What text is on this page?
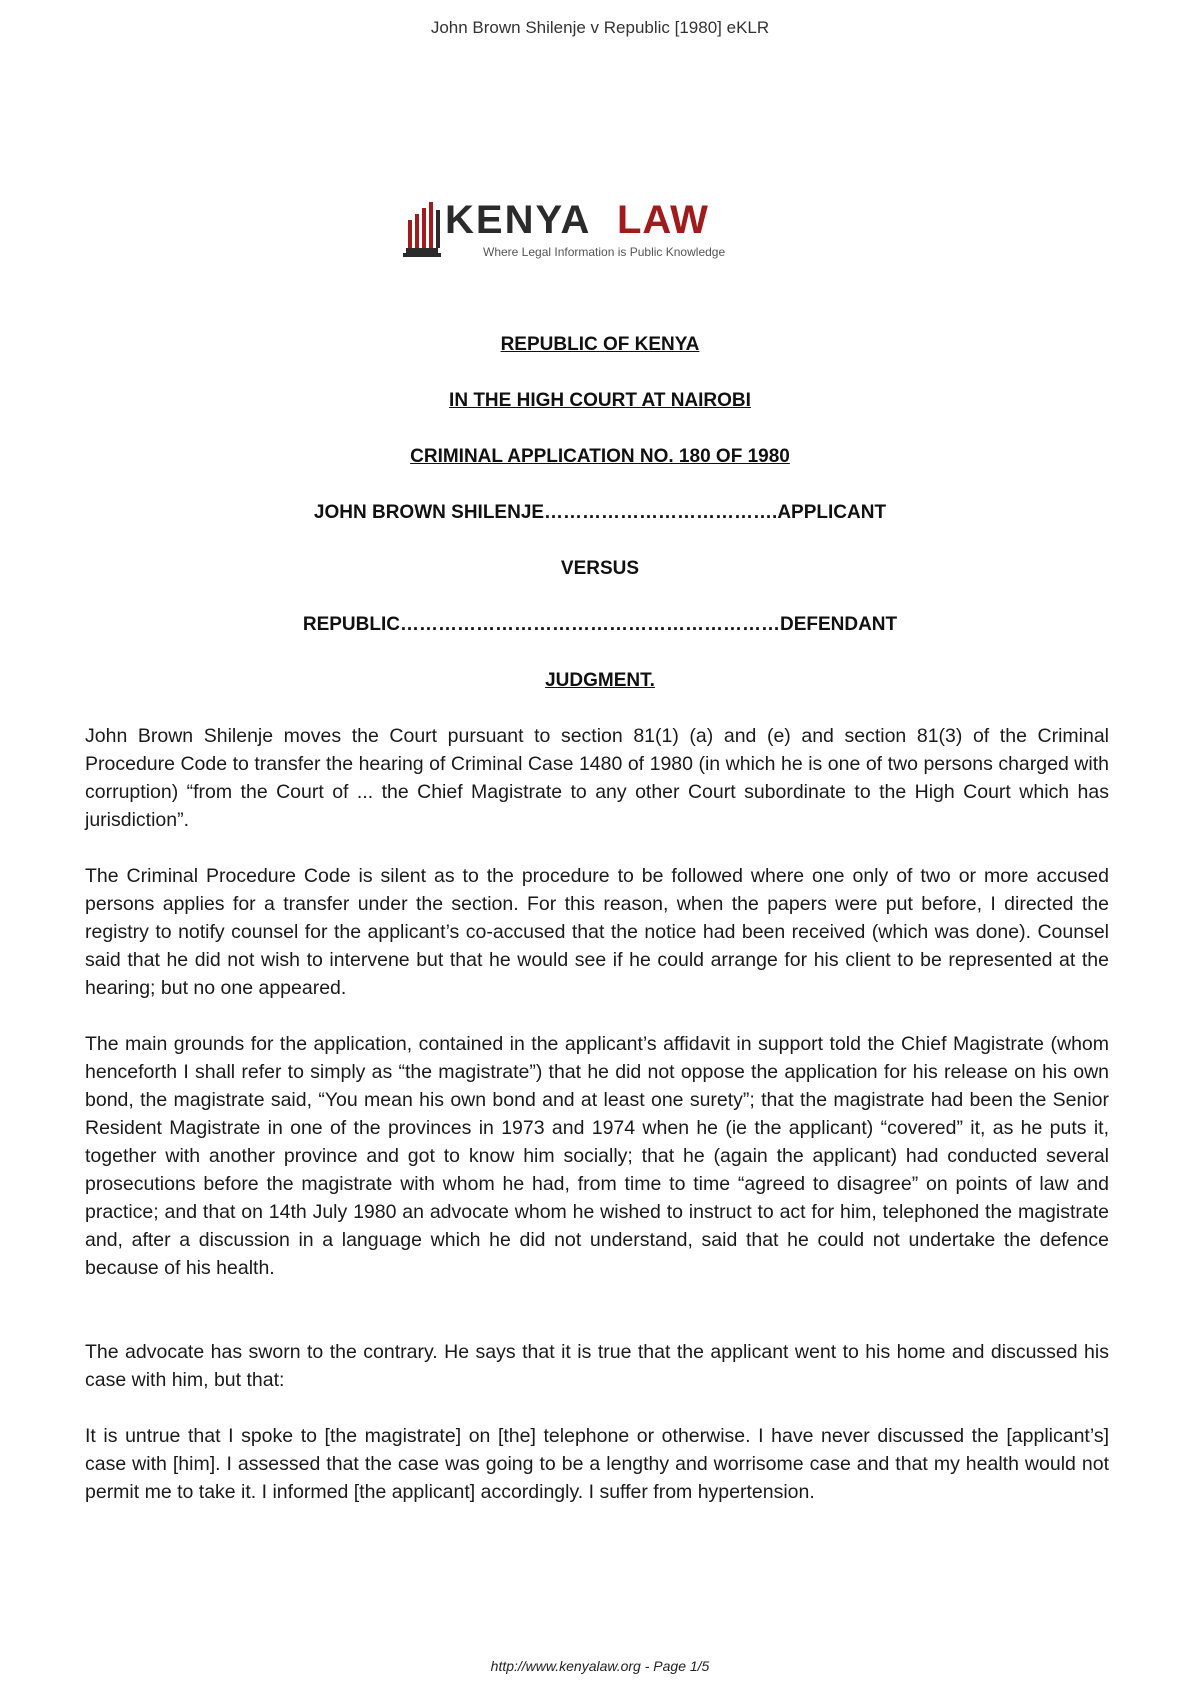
John Brown Shilenje v Republic [1980] eKLR
KENYA LAW
Where Legal Information is Public Knowledge
REPUBLIC OF KENYA
IN THE HIGH COURT AT NAIROBI
CRIMINAL APPLICATION NO. 180 OF 1980
JOHN BROWN SHILENJE……………………………….APPLICANT
VERSUS
REPUBLIC……………………………………………………DEFENDANT
JUDGMENT.

John Brown Shilenje moves the Court pursuant to section 81(1) (a) and (e) and section 81(3) of the Criminal Procedure Code to transfer the hearing of Criminal Case 1480 of 1980 (in which he is one of two persons charged with corruption) “from the Court of ... the Chief Magistrate to any other Court subordinate to the High Court which has jurisdiction”.

The Criminal Procedure Code is silent as to the procedure to be followed where one only of two or more accused persons applies for a transfer under the section. For this reason, when the papers were put before, I directed the registry to notify counsel for the applicant’s co-accused that the notice had been received (which was done). Counsel said that he did not wish to intervene but that he would see if he could arrange for his client to be represented at the hearing; but no one appeared.

The main grounds for the application, contained in the applicant’s affidavit in support told the Chief Magistrate (whom henceforth I shall refer to simply as “the magistrate”) that he did not oppose the application for his release on his own bond, the magistrate said, “You mean his own bond and at least one surety”; that the magistrate had been the Senior Resident Magistrate in one of the provinces in 1973 and 1974 when he (ie the applicant) “covered” it, as he puts it, together with another province and got to know him socially; that he (again the applicant) had conducted several prosecutions before the magistrate with whom he had, from time to time “agreed to disagree” on points of law and practice; and that on 14th July 1980 an advocate whom he wished to instruct to act for him, telephoned the magistrate and, after a discussion in a language which he did not understand, said that he could not undertake the defence because of his health.

The advocate has sworn to the contrary. He says that it is true that the applicant went to his home and discussed his case with him, but that:

It is untrue that I spoke to [the magistrate] on [the] telephone or otherwise. I have never discussed the [applicant’s] case with [him]. I assessed that the case was going to be a lengthy and worrisome case and that my health would not permit me to take it. I informed [the applicant] accordingly. I suffer from hypertension.

http://www.kenyalaw.org - Page 1/5
